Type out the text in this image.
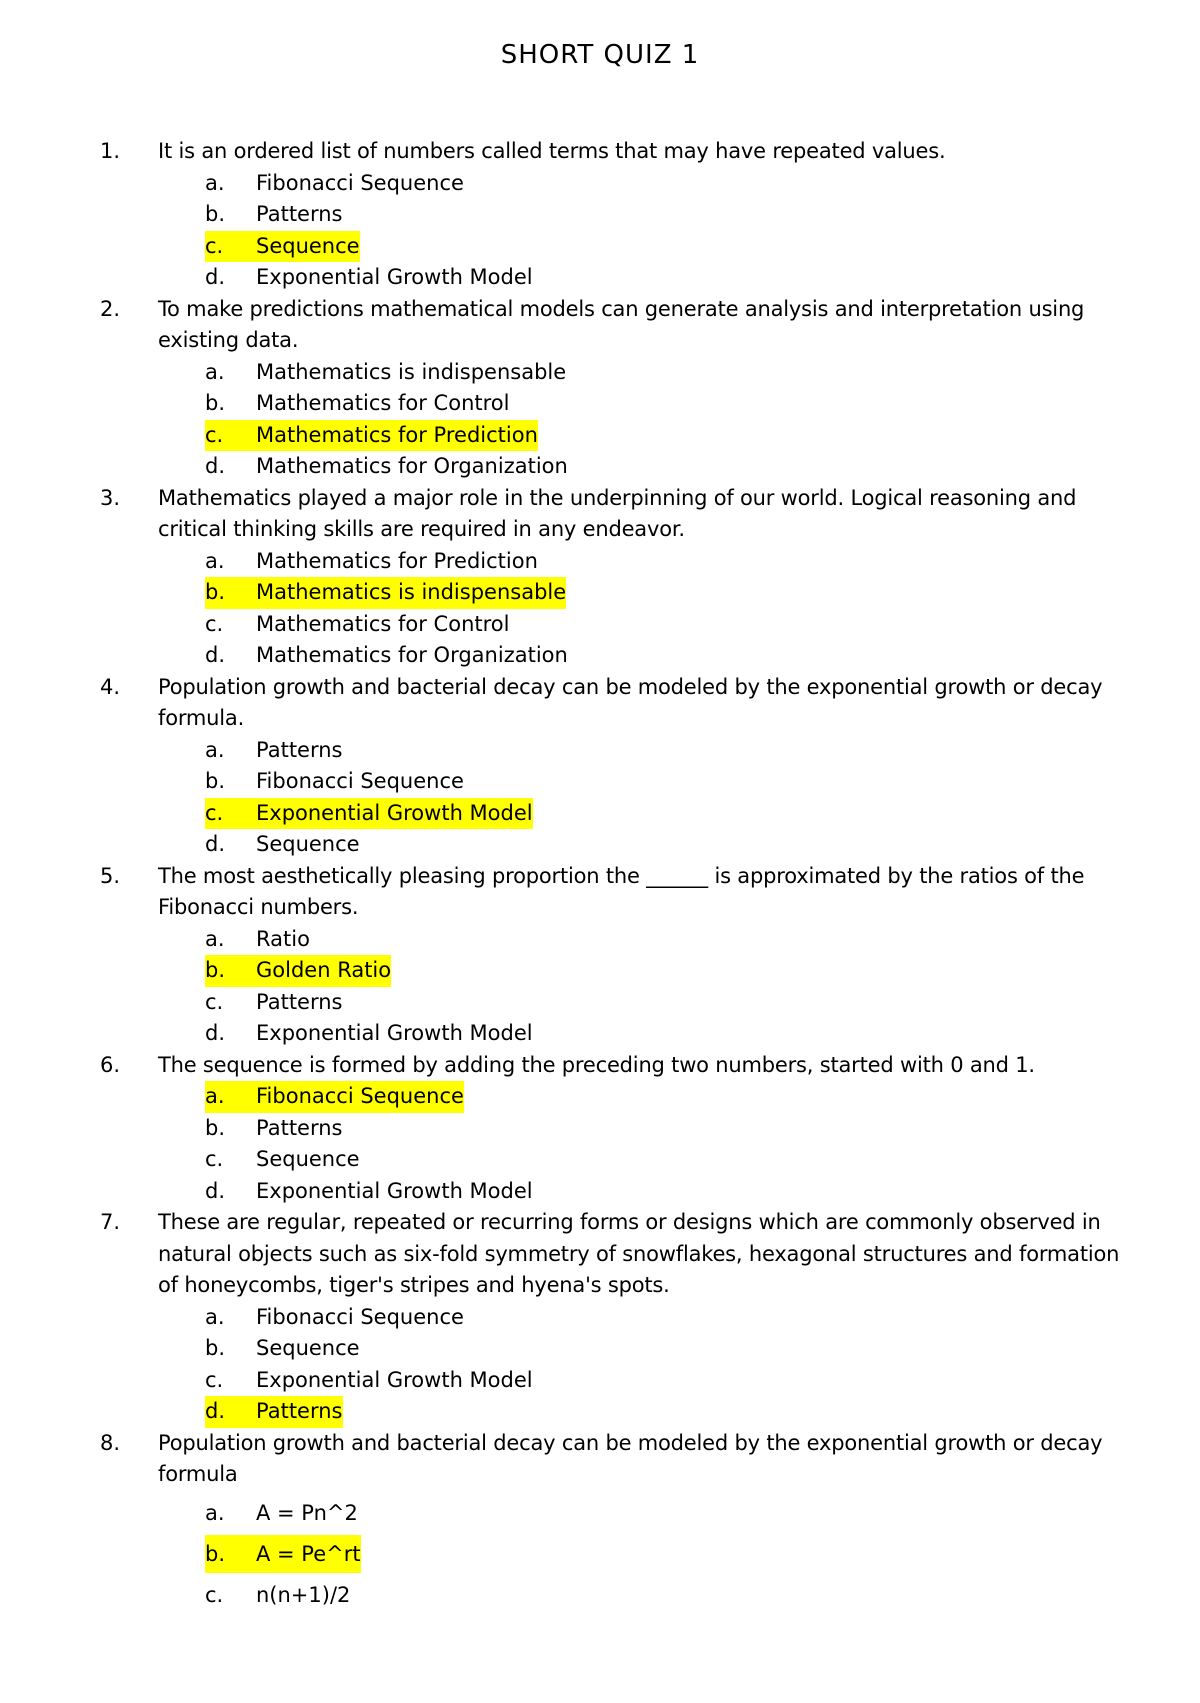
SHORT QUIZ 1
1. It is an ordered list of numbers called terms that may have repeated values.
a.	Fibonacci Sequence
b.	Patterns
c.	Sequence
d.	Exponential Growth Model
2. To make predictions mathematical models can generate analysis and interpretation using existing data.
a.	Mathematics is indispensable
b.	Mathematics for Control
c.	Mathematics for Prediction
d.	Mathematics for Organization
3. Mathematics played a major role in the underpinning of our world. Logical reasoning and critical thinking skills are required in any endeavor.
a.	Mathematics for Prediction
b.	Mathematics is indispensable
c.	Mathematics for Control
d.	Mathematics for Organization
4. Population growth and bacterial decay can be modeled by the exponential growth or decay formula.
a.	Patterns
b.	Fibonacci Sequence
c.	Exponential Growth Model
d.	Sequence
5. The most aesthetically pleasing proportion the ______ is approximated by the ratios of the Fibonacci numbers.
a.	Ratio
b.	Golden Ratio
c.	Patterns
d.	Exponential Growth Model
6. The sequence is formed by adding the preceding two numbers, started with 0 and 1.
a.	Fibonacci Sequence
b.	Patterns
c.	Sequence
d.	Exponential Growth Model
7. These are regular, repeated or recurring forms or designs which are commonly observed in natural objects such as six-fold symmetry of snowflakes, hexagonal structures and formation of honeycombs, tiger's stripes and hyena's spots.
a.	Fibonacci Sequence
b.	Sequence
c.	Exponential Growth Model
d.	Patterns
8. Population growth and bacterial decay can be modeled by the exponential growth or decay formula
a.	A = Pn^2
b.	A = Pe^rt
c.	n(n+1)/2
